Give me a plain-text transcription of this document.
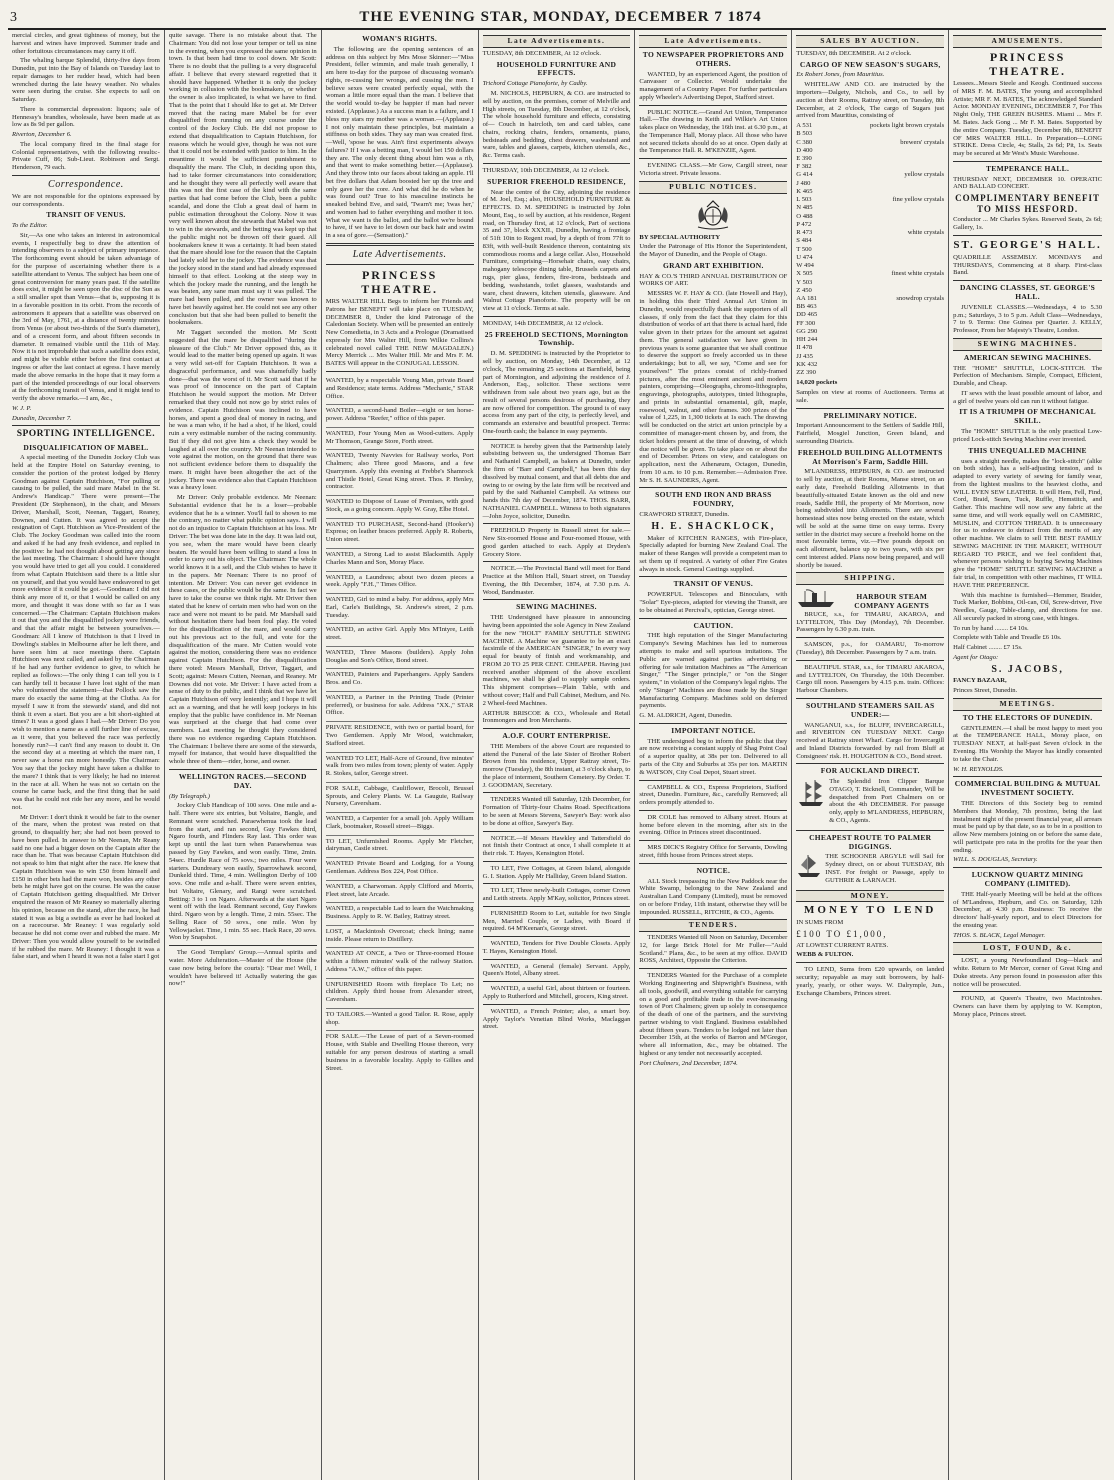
3	THE EVENING STAR, MONDAY, DECEMBER 7 1874

mercial circles, and great tightness of money, but the harvest and wines have improved. Summer trade and other fortuitous circumstances may carry it off.

The whaling barque Splendid, thirty-five days from Dunedin, put into the Bay of Islands on Tuesday last to repair damages to her rudder head, which had been wrenched during the late heavy weather. No whales were seen during the cruise. She expects to sail on Saturday.

There is commercial depression: liquors; sale of Hennessy's brandies, wholesale, have been made at as low as 8s 9d per gallon.

Riverton, December 6.

The local company fired in the final stage for Colonial representatives, with the following results:- Private Cuff, 86; Sub-Lieut. Robinson and Sergt. Henderson, 79 each.

Correspondence.

We are not responsible for the opinions expressed by our correspondents.

TRANSIT OF VENUS.

To the Editor.

Sir,—As one who takes an interest in astronomical events, I respectfully beg to draw the attention of intending observers to a subject of primary importance. The forthcoming event should be taken advantage of for the purpose of ascertaining whether there is a satellite attendant to Venus. The subject has been one of great controversion for many years past. If the satellite does exist, it might be seen upon the disc of the Sun as a still smaller spot than Venus—that is, supposing it is in a favorable position in its orbit. From the records of astronomers it appears that a satellite was observed on the 3rd of May, 1761, at a distance of twenty minutes from Venus (or about two-thirds of the Sun's diameter), and of a crescent form, and about fifteen seconds in diameter. It remained visible until the 11th of May. Now it is not improbable that such a satellite does exist, and might be visible either before the first contact at ingress or after the last contact at egress. I have merely made the above remarks in the hope that it may form a part of the intended proceedings of our local observers at the forthcoming transit of Venus, and it might tend to verify the above remarks.—I am, &c.,

W. J. P.

Dunedin, December 7.

SPORTING INTELLIGENCE.
DISQUALIFICATION OF MABEL.

A special meeting of the Dunedin Jockey Club was held at the Empire Hotel on Saturday evening, to consider the portion of the protest lodged by Henry Goodman against Captain Hutchison, "For pulling or causing to be pulled, the said mare Mabel in the St. Andrew's Handicap." There were present—The President (Dr Stephenson), in the chair, and Messrs Driver, Marshall, Scott, Neenan, Taggart, Reaney, Downes, and Cutten. It was agreed to accept the resignation of Capt. Hutchison as Vice-President of the Club. The Jockey Goodman was called into the room and asked if he had any fresh evidence, and replied in the positive: he had not thought about getting any since the last meeting. The Chairman: I should have thought you would have tried to get all you could. I considered from what Captain Hutchison said there is a little slur on yourself, and that you would have endeavored to get more evidence if it could be got.—Goodman: I did not think any more of it, or that I would be called on any more, and thought it was done with so far as I was concerned.—The Chairman: Captain Hutchison makes it out that you and the disqualified jockey were friends, and that the affair might be between yourselves.—Goodman: All I know of Hutchison is that I lived in Dowling's stables in Melbourne after he left there, and have seen him at race meetings there. Captain Hutchison was next called, and asked by the Chairman if he had any further evidence to give, to which he replied as follows:—The only thing I can tell you is I can hardly tell it because I have lost sight of the man who volunteered the statement—that Pollock saw the mare do exactly the same thing at the Clutha. As for myself I saw it from the stewards' stand, and did not think it even a start. But you are a bit short-sighted at times? It was a good glass I had.—Mr Driver: Do you wish to mention a name as a still further line of excuse, as it were, that you believed the race was perfectly honestly run?—I can't find any reason to doubt it. On the second day at a meeting at which the mare ran, I never saw a horse run more honestly. The Chairman: You say that the jockey might have taken a dislike to the mare? I think that is very likely; he had no interest in the race at all. When he was not so certain on the course he came back, and the first thing that he said was that he could not ride her any more, and he would not.

Mr Driver: I don't think it would be fair to the owner of the mare, when the protest was rested on that ground, to disqualify her; she had not been proved to have been pulled. In answer to Mr Neenan, Mr Reany said no one had a bigger down on the Captain after the race than he. That was because Captain Hutchison did not speak to him that night after the race. He knew that Captain Hutchison was to win £50 from himself and £150 in other bets had the mare won, besides any other bets he might have got on the course. He was the cause of Captain Hutchison getting disqualified. Mr Driver enquired the reason of Mr Reaney so materially altering his opinion, because on the stand, after the race, he had stated it was as big a swindle as ever he had looked at on a racecourse. Mr Reaney: I was regularly sold because he did not come over and rubbed the mare. Mr Driver: Then you would allow yourself to be swindled if he rubbed the mare. Mr Reaney: I thought it was a false start, and when I heard it was not a false start I got

quite savage. There is no mistake about that. The Chairman: You did not lose your temper or tell us nine in the evening, when you expressed the same opinion in town. Is that been had time to cool down. Mr Scott: There is no doubt that the pulling is a very disgraceful affair. I believe that every steward regretted that it should have happened. Whether it is only the jockey working in collusion with the bookmakers, or whether the owner is also implicated, is what we have to find. That is the point that I should like to get at. Mr Driver moved that the racing mare Mabel be for ever disqualified from running on any course under the control of the Jockey Club. He did not propose to extend that disqualification to Captain Hutchison, for reasons which he would give, though he was not sure that it could not be extended with justice to him. In the meantime it would be sufficient punishment to disqualify the mare. The Club, in deciding upon this, had to take former circumstances into consideration; and he thought they were all perfectly well aware that this was not the first case of the kind with the same parties that had come before the Club, been a public scandal, and done the Club a great deal of harm in public estimation throughout the Colony. Now it was very well known about the stewards that Mabel was not to win in the stewards, and the betting was kept up that the public might not be thrown off their guard. All bookmakers knew it was a certainty. It had been stated that the mare should lose for the reason that the Captain had lately sold her to the jockey. The evidence was that the jockey stood in the stand and had already expressed himself to that effect. Looking at the steep way in which the jockey made the running, and the length he was beaten, any sane man must say it was pulled. The mare had been pulled, and the owner was known to have bet heavily against her. He could not see any other conclusion but that she had been pulled to benefit the bookmakers.

Mr Taggart seconded the motion. Mr Scott suggested that the mare be disqualified "during the pleasure of the Club." Mr Driver opposed this, as it would lead to the matter being opened up again. It was a very wild set-off for Captain Hutchison. It was a disgraceful performance, and was shamefully badly done—that was the worst of it. Mr Scott said that if he was proof of innocence on the part of Captain Hutchison he would support the motion. Mr Driver remarked that they could not now go by strict rules of evidence. Captain Hutchison was inclined to have horses, and spent a good deal of money in racing, and he was a man who, if he had a shot, if he liked, could ruin a very estimable number of the racing community. But if they did not give him a check they would be laughed at all over the country. Mr Neenan intended to vote against the motion, on the ground that there was not sufficient evidence before them to disqualify the mare. It might have been altogether the act of the jockey. There was evidence also that Captain Hutchison was a heavy loser.

Mr Driver: Only probable evidence. Mr Neenan: Substantial evidence that he is a loser—probable evidence that he is a winner. You'll fail to shown to me the contrary, no matter what public opinion says. I will not do an injustice to Captain Hutchison at his loss. Mr Driver: The bet was done late in the day. It was laid out, you see, when the mare would have been clearly beaten. He would have been willing to stand a loss in order to carry out his object. The Chairman: The whole world knows it is a sell, and the Club wishes to have it in the papers. Mr Neenan: There is no proof of intention. Mr Driver: You can never get evidence in these cases, or the public would be the same. In fact we have to take the course we think right. Mr Driver then stated that he knew of certain men who had won on the race and were not meant to be paid. Mr Marshall said without hesitation there had been foul play. He voted for the disqualification of the mare, and would carry out his previous act to the full, and vote for the disqualification of the mare. Mr Cutten would vote against the motion, considering there was no evidence against Captain Hutchison. For the disqualification there voted: Messrs Marshall, Driver, Taggart, and Scott; against: Messrs Cutten, Neenan, and Reaney. Mr Downes did not vote. Mr Driver: I have acted from a sense of duty to the public, and I think that we have let Captain Hutchison off very leniently; and I hope it will act as a warning, and that he will keep jockeys in his employ that the public have confidence in. Mr Neenan was surprised at the charge that had come over members. Last meeting he thought they considered there was no evidence regarding Captain Hutchison. The Chairman: I believe there are some of the stewards, myself for instance, that would have disqualified the whole three of them—rider, horse, and owner.

WELLINGTON RACES.—SECOND DAY.

(By Telegraph.)

Jockey Club Handicap of 100 sovs. One mile and a-half. There were six entries, but Voltaire, Bangle, and Remnant were scratched. Paraewhenua took the lead from the start, and ran second, Guy Fawkes third, Ngaro fourth, and Flinders Ray last. This order was kept up until the last turn when Paraewhenua was passed by Guy Fawkes, and won easily. Time, 2min. 54sec. Hurdle Race of 75 sovs.; two miles. Four were starters. Dundreary won easily, Sparrowhawk second, Dunkeld third. Time, 4 min. Wellington Derby of 100 sovs. One mile and a-half. There were seven entries, but Voltaire, Glenary, and Rangi were scratched. Betting: 3 to 1 on Ngaro. Afterwards at the start Ngaro went off with the lead. Remnant second, Guy Fawkes third. Ngaro won by a length. Time, 2 min. 55sec. The Selling Race of 50 sovs., one mile. Won by Yellowjacket. Time, 1 min. 55 sec. Hack Race, 20 sovs. Won by Snapshot.

The Good Templars' Group.—Annual spirits and water. More Adulteration.—Master of the House (the case now being before the courts): "Dear me! Well, I wouldn't have believed it! Actually watering the gas now!"

WOMAN'S RIGHTS.

The following are the opening sentences of an address on this subject by Mrs Mose Skinner:—"Miss President, feller wimmin, and male trash generally, I am here to-day for the purpose of discussing woman's rights, re-cussing her wrongs, and cussing the men. I believe sexes were created perfectly equal, with the woman a little more equal than the man. I believe that the world would to-day be happier if man had never existed. (Applause.) As a success man is a failure, and I bless my stars my mother was a woman.—(Applause.) I not only maintain these principles, but maintain a stiffness on both sides. They say man was created first.—Well, 'spose he was. Ain't first experiments always failures? If I was a betting man, I would bet 150 dollars they are. The only decent thing about him was a rib, and that went to make something better.—(Applause). And they throw into our faces about taking an apple. I'll bet five dollars that Adam boosted her up the tree and only gave her the core. And what did he do when he was found out? True to his masculine instincts he sneaked behind Eve, and said, 'Twarn't me; 'twas her,' and women had to father everything and mother it too. What we want is the ballot, and the ballot we're bound to have, if we have to let down our back hair and swim in a sea of gore.—(Sensation)."

Late Advertisements.
PRINCESS THEATRE.

MRS WALTER HILL Begs to inform her Friends and Patrons her BENEFIT will take place on TUESDAY, DECEMBER 8, Under the kind Patronage of the Caledonian Society. When will be presented an entirely New Comedietta, in 3 Acts and a Prologue (Dramatised expressly for Mrs Walter Hill, from Wilkie Collins's celebrated novel called THE NEW MAGDALEN.) Mercy Merrick ... Mrs Walter Hill. Mr and Mrs F. M. BATES Will appear in the CONJUGAL LESSON.

WANTED, by a respectable Young Man, private Board and Residence; state terms. Address "Mechanic," STAR Office.

WANTED, a second-hand Boiler—eight or ten horse-power. Address "Reefer," office of this paper.

WANTED, Four Young Men as Wood-cutters. Apply Mr Thomson, Grange Store, Forth street.

WANTED, Twenty Navvies for Railway works, Port Chalmers; also Three good Masons, and a few Quarrymen. Apply this evening at Frebbe's Shamrock and Thistle Hotel, Great King street. Thos. P. Henley, contractor.

WANTED to Dispose of Lease of Premises, with good Stock, as a going concern. Apply W. Gray, Elbe Hotel.

WANTED TO PURCHASE, Second-hand (Hooker's) Express; on leather braces preferred. Apply R. Roberts, Union street.

WANTED, a Strong Lad to assist Blacksmith. Apply Charles Mann and Son, Moray Place.

WANTED, a Laundress; about two dozen pieces a week. Apply "F.H.," Times Office.

WANTED, Girl to mind a baby. For address, apply Mrs Earl, Carle's Buildings, St. Andrew's street, 2 p.m. Tuesday.

WANTED, an active Girl. Apply Mrs M'Intyre, Leith street.

WANTED, Three Masons (builders). Apply John Douglas and Son's Office, Bond street.

WANTED, Painters and Paperhangers. Apply Sanders Bros. and Co.

WANTED, a Partner in the Printing Trade (Printer preferred), or business for sale. Address "XX.," STAR Office.

PRIVATE RESIDENCE, with two or partial board, for Two Gentlemen. Apply Mr Wood, watchmaker, Stafford street.

WANTED TO LET, Half-Acre of Ground, five minutes' walk from two miles from town; plenty of water. Apply R. Stokes, tailor, George street.

FOR SALE, Cabbage, Cauliflower, Brocoli, Brussel Sprouts, and Celery Plants. W. La Gauguie, Railway Nursery, Caversham.

WANTED, a Carpenter for a small job. Apply William Clark, bootmaker, Rossell street—Biggs.

TO LET, Unfurnished Rooms. Apply Mr Fletcher, dairyman, Castle street.

WANTED Private Board and Lodging, for a Young Gentleman. Address Box 224, Post Office.

WANTED, a Charwoman. Apply Clifford and Morris, Fleet street, late Arcade.

WANTED, a respectable Lad to learn the Watchmaking Business. Apply to R. W. Bailey, Rattray street.

LOST, a Mackintosh Overcoat; check lining; name inside. Please return to Distillery.

WANTED AT ONCE, a Two or Three-roomed House within a fifteen minutes' walk of the railway Station. Address "A.W.," office of this paper.

UNFURNISHED Room with fireplace To Let; no children. Apply third house from Alexander street, Caversham.

TO TAILORS.—Wanted a good Tailor. R. Rose, apply shop.

FOR SALE.—The Lease of part of a Seven-roomed House, with Stable and Dwelling House thereon, very suitable for any person desirous of starting a small business in a favorable locality. Apply to Gillies and Street.

Late Advertisements.

TUESDAY, 8th DECEMBER, At 12 o'clock.

HOUSEHOLD FURNITURE AND EFFECTS.

Trichord Cottage Pianoforte, by Cadby.

M. NICHOLS, HEPBURN, & CO. are instructed to sell by auction, on the premises, corner of Melville and High streets, on Tuesday, 8th December, at 12 o'clock, The whole household furniture and effects, consisting of— Couch in haircloth, ten and card tables, cane chairs, rocking chairs, fenders, ornaments, piano, bedsteads and bedding, chest drawers, washstand and ware, tables and glasses, carpets, kitchen utensils, &c., &c. Terms cash.

THURSDAY, 10th DECEMBER, At 12 o'clock.

SUPERIOR FREEHOLD RESIDENCE,

Near the centre of the City, adjoining the residence of M. Joel, Esq.; also, HOUSEHOLD FURNITURE & EFFECTS. D. M. SPEDDING is instructed by John Mount, Esq., to sell by auction, at his residence, Regent road, on Thursday first, at 12 o'clock, Part of sections 35 and 37, block XXXII., Dunedin, having a frontage of 51ft 10in to Regent road, by a depth of from 77ft to 83ft, with well-built Residence thereon, containing six commodious rooms and a large cellar. Also, Household Furniture, comprising—Horsehair chairs, easy chairs, mahogany telescope dining table, Brussels carpets and rugs, pier glass, fenders, fire-irons, bedsteads and bedding, washstands, toilet glasses, washstands and ware, chest drawers, kitchen utensils, glassware. And Walnut Cottage Pianoforte. The property will be on view at 11 o'clock. Terms at sale.

MONDAY, 14th DECEMBER, At 12 o'clock.

25 FREEHOLD SECTIONS, Mornington Township.

D. M. SPEDDING is instructed by the Proprietor to sell by auction, on Monday, 14th December, at 12 o'clock, The remaining 25 sections at Barnfield, being part of Mornington, and adjoining the residence of J. Anderson, Esq., solicitor. These sections were withdrawn from sale about two years ago, but as the result of several persons desirous of purchasing, they are now offered for competition. The ground is of easy access from any part of the city, is perfectly level, and commands an extensive and beautiful prospect. Terms: One-fourth cash; the balance in easy payments.

NOTICE is hereby given that the Partnership lately subsisting between us, the undersigned Thomas Barr and Nathaniel Campbell, as bakers at Dunedin, under the firm of "Barr and Campbell," has been this day dissolved by mutual consent, and that all debts due and owing to or owing by the late firm will be received and paid by the said Nathaniel Campbell. As witness our hands this 7th day of December, 1874. THOS. BARR, NATHANIEL CAMPBELL. Witness to both signatures—John Joyce, solicitor, Dunedin.

FREEHOLD Property in Russell street for sale.—New Six-roomed House and Four-roomed House, with good garden attached to each. Apply at Dryden's Grocery Store.

NOTICE.—The Provincial Band will meet for Band Practice at the Milton Hall, Stuart street, on Tuesday Evening, the 8th December, 1874, at 7.30 p.m. A. Wood, Bandmaster.

SEWING MACHINES.

THE Undersigned have pleasure in announcing having been appointed the sole Agency in New Zealand for the new "HOLT" FAMILY SHUTTLE SEWING MACHINE. A Machine we guarantee to be an exact facsimile of the AMERICAN "SINGER," In every way equal for beauty of finish and workmanship, and FROM 20 TO 25 PER CENT. CHEAPER. Having just received another shipment of the above excellent machines, we shall be glad to supply sample orders. This shipment comprises—Plain Table, with and without cover; Half and Full Cabinet, Medium, and No. 2 Wheel-feed Machines.

ARTHUR BRISCOE & CO., Wholesale and Retail Ironmongers and Iron Merchants.

A.O.F. COURT ENTERPRISE.

THE Members of the above Court are requested to attend the Funeral of the late Sister of Brother Robert Brown from his residence, Upper Rattray street, To-morrow (Tuesday), the 8th instant, at 3 o'clock sharp, to the place of interment, Southern Cemetery. By Order. T. J. GOODMAN, Secretary.

TENDERS Wanted till Saturday, 12th December, for Formation of Thirty-four Chains Road. Specifications to be seen at Messrs Stevens, Sawyer's Bay: work also to be done at office, Sawyer's Bay.

NOTICE.—If Messrs Hawkley and Tattersfield do not finish their Contract at once, I shall complete it at their risk. T. Hayes, Kensington Hotel.

TO LET, Five Cottages, at Green Island, alongside G. I. Station. Apply Mr Halliday, Green Island Station.

TO LET, Three newly-built Cottages, corner Crown and Leith streets. Apply M'Kay, solicitor, Princes street.

FURNISHED Room to Let, suitable for two Single Men, Married Couple, or Ladies, with Board if required. 64 M'Keenan's, George street.

WANTED, Tenders for Five Double Closets. Apply T. Hayes, Kensington Hotel.

WANTED, a General (female) Servant. Apply, Queen's Hotel, Albany street.

WANTED, a useful Girl, about thirteen or fourteen. Apply to Rutherford and Mitchell, grocers, King street.

WANTED, a French Pointer; also, a smart boy. Apply Taylor's Venetian Blind Works, Maclaggan street.

Late Advertisements.
TO NEWSPAPER PROPRIETORS AND OTHERS.

WANTED, by an experienced Agent, the position of Canvasser or Collector. Would undertake the management of a Country Paper. For further particulars apply Wheeler's Advertising Depot, Stafford street.

PUBLIC NOTICE.—Grand Art Union, Temperance Hall.—The drawing in Keith and Wilkie's Art Union takes place on Wednesday, the 16th inst. at 6.30 p.m., at the Temperance Hall, Moray place. All those who have not secured tickets should do so at once. Open daily at the Temperance Hall. R. M'KENZIE, Agent.

EVENING CLASS.—Mr Gow, Cargill street, near Victoria street. Private lessons.

PUBLIC NOTICES.

BY SPECIAL AUTHORITY

Under the Patronage of His Honor the Superintendent, the Mayor of Dunedin, and the People of Otago.

GRAND ART EXHIBITION.

HAY & CO.'S THIRD ANNUAL DISTRIBUTION OF WORKS OF ART.

MESSRS W. F. HAY & CO. (late Howell and Hay), in holding this their Third Annual Art Union in Dunedin, would respectfully thank the supporters of all classes, if only from the fact that they claim for this distribution of works of art that there is actual hard, fide value given in their prizes for the amount set against them. The general satisfaction we have given in previous years is some guarantee that we shall continue to deserve the support so freely accorded us in these undertakings; but to all, we say, "Come and see for yourselves!" The prizes consist of richly-framed pictures, after the most eminent ancient and modern painters, comprising—Oleographs, chromo-lithographs, engravings, photographs, autotypes, tinted lithographs, and prints in substantial ornamental, gilt, maple, rosewood, walnut, and other frames. 300 prizes of the value of 1,225, in 1,300 tickets at 1s each. The drawing will be conducted on the strict art union principle by a committee of manager-ment chosen by, and from, the ticket holders present at the time of drawing, of which due notice will be given. To take place on or about the end of December. Prizes on view, and catalogues on application, next the Athenæum, Octagon, Dunedin, from 10 a.m. to 10 p.m. Remember.—Admission Free. Mr S. H. SAUNDERS, Agent.

SOUTH END IRON AND BRASS FOUNDRY,

CRAWFORD STREET, Dunedin.

H. E. SHACKLOCK,

Maker of KITCHEN RANGES, with Fire-place, Specially adapted for burning New Zealand Coal. The maker of these Ranges will provide a competent man to set them up if required. A variety of other Fire Grates always in stock. General Castings supplied.

TRANSIT OF VENUS.

POWERFUL Telescopes and Binoculars, with "Solar" Eye-pieces, adapted for viewing the Transit, are to be obtained at Percival's, optician, George street.

CAUTION.

THE high reputation of the Singer Manufacturing Company's Sewing Machines has led to numerous attempts to make and sell spurious imitations. The Public are warned against parties advertising or offering for sale imitation Machines as "The American Singer," "The Singer principle," or "on the Singer system," in violation of the Company's legal rights. The only "Singer" Machines are those made by the Singer Manufacturing Company. Machines sold on deferred payments.

G. M. ALDRICH, Agent, Dunedin.

IMPORTANT NOTICE.

THE undersigned beg to inform the public that they are now receiving a constant supply of Shag Point Coal of a superior quality, at 38s per ton. Delivered to all parts of the City and Suburbs at 35s per ton. MARTIN & WATSON, City Coal Depot, Stuart street.

CAMPBELL & CO., Express Proprietors, Stafford street, Dunedin. Furniture, &c., carefully Removed; all orders promptly attended to.

DR COLE has removed to Albany street. Hours at home before eleven in the morning, after six in the evening. Office in Princes street discontinued.

MRS DICK'S Registry Office for Servants, Dowling street, fifth house from Princes street steps.

NOTICE.

ALL Stock trespassing in the New Paddock near the White Swamp, belonging to the New Zealand and Australian Land Company (Limited), must be removed on or before Friday, 11th instant, otherwise they will be impounded. RUSSELL, RITCHIE, & CO., Agents.

TENDERS.

TENDERS Wanted till Noon on Saturday, December 12, for large Brick Hotel for Mr Fuller—"Auld Scotland." Plans, &c., to be seen at my office. DAVID ROSS, Architect, Opposite the Criterion.

TENDERS Wanted for the Purchase of a complete Working Engineering and Shipwright's Business, with all tools, goodwill, and everything suitable for carrying on a good and profitable trade in the ever-increasing town of Port Chalmers; given up solely in consequence of the death of one of the partners, and the surviving partner wishing to visit England. Business established about fifteen years. Tenders to be lodged not later than December 15th, at the works of Barron and M'Gregor, where all information, &c., may be obtained. The highest or any tender not necessarily accepted.

Port Chalmers, 2nd December, 1874.

SALES BY AUCTION.

TUESDAY, 8th DECEMBER. At 2 o'clock.

CARGO OF NEW SEASON'S SUGARS,

Ex Robert Jones, from Mauritius.

WHITELAW AND CO. are instructed by the importers—Dalgety, Nichols, and Co., to sell by auction at their Rooms, Rattray street, on Tuesday, 8th December, at 2 o'clock, The cargo of Sugars just arrived from Mauritius, consisting of

A 531	pockets light brown crystals
B 503
C 380	brewers' crystals
D 400
E 390
F 382
G 414	yellow crystals
J 480
K 465
L 503	fine yellow crystals
N 485
O 488
P 472
R 473	white crystals
S 484
T 500
U 474
W 494
X 505	finest white crystals
Y 503
Z 450
AA 181	snowdrop crystals
BB 463
DD 465
FF 300
GG 290
HH 244
II 478
JJ 435
KK 432
ZZ 390

14,020 pockets

Samples on view at rooms of Auctioneers. Terms at sale.

PRELIMINARY NOTICE.

Important Announcement to the Settlers of Saddle Hill, Fairfield, Mosgiel Junction, Green Island, and surrounding Districts.

FREEHOLD BUILDING ALLOTMENTS At Morrison's Farm, Saddle Hill.

M'LANDRESS, HEPBURN, & CO. are instructed to sell by auction, at their Rooms, Manse street, on an early date, Freehold Building Allotments in that beautifully-situated Estate known as the old and new roads, Saddle Hill, the property of Mr Morrison, now being subdivided into Allotments. There are several homestead sites now being erected on the estate, which will be sold at the same time on easy terms. Every settler in the district may secure a freehold home on the most favorable terms, viz.—Five pounds deposit on each allotment, balance up to two years, with six per cent interest added. Plans now being prepared, and will shortly be issued.

SHIPPING.
HARBOUR STEAM COMPANY AGENTS

BRUCE, s.s., for TIMARU, AKAROA, and LYTTELTON, This Day (Monday), 7th December. Passengers by 6.30 p.m. train.

SAMSON, p.s., for OAMARU, To-morrow (Tuesday), 8th December. Passengers by 7 a.m. train.

BEAUTIFUL STAR, s.s., for TIMARU AKAROA, and LYTTELTON, On Thursday, the 10th December. Cargo till noon. Passengers by 4.15 p.m. train. Offices: Harbour Chambers.

SOUTHLAND STEAMERS SAIL AS UNDER:—

WANGANUI, s.s., for BLUFF, INVERCARGILL, and RIVERTON ON TUESDAY NEXT. Cargo received at Rattray street Wharf. Cargo for Invercargill and Inland Districts forwarded by rail from Bluff at Consignees' risk. H. HOUGHTON & CO., Bond street.

FOR AUCKLAND DIRECT.

The Splendid Iron Clipper Barque OTAGO, T. Bicknell, Commander, Will be despatched from Port Chalmers on or about the 4th DECEMBER. For passage only, apply to M'LANDRESS, HEPBURN, & CO., Agents.

CHEAPEST ROUTE TO PALMER DIGGINGS.

THE SCHOONER ARGYLE will Sail for Sydney direct, on or about TUESDAY, 8th INST. For freight or Passage, apply to GUTHRIE & LARNACH.

MONEY.
MONEY TO LEND

IN SUMS FROM

£100 TO £1,000,

AT LOWEST CURRENT RATES.

WEBB & FULTON.

TO LEND, Sums from £20 upwards, on landed security; repayable as may suit borrowers, by half-yearly, yearly, or other ways. W. Dalrymple, Jun., Exchange Chambers, Princes street.

AMUSEMENTS.
PRINCESS THEATRE.

Lessees...Messrs Steele and Keogh. Continued success of MRS F. M. BATES, The young and accomplished Artiste; MR F. M. BATES, The acknowledged Standard Actor. MONDAY EVENING, DECEMBER 7, For This Night Only, THE GREEN BUSHES. Miami ... Mrs F. M. Bates. Jack Gong ... Mr F. M. Bates. Supported by the entire Company. Tuesday, December 8th, BENEFIT OF MRS WALTER HILL. In Preparation—LONG STRIKE. Dress Circle, 4s; Stalls, 2s 6d; Pit, 1s. Seats may be secured at Mr West's Music Warehouse.

TEMPERANCE HALL.

THURSDAY NEXT, DECEMBER 10. OPERATIC AND BALLAD CONCERT.

COMPLIMENTARY BENEFIT TO MISS HESFORD.

Conductor ... Mr Charles Sykes. Reserved Seats, 2s 6d; Gallery, 1s.

ST. GEORGE'S HALL.

QUADRILLE ASSEMBLY. MONDAYS and THURSDAYS, Commencing at 8 sharp. First-class Band.

DANCING CLASSES, ST. GEORGE'S HALL.

JUVENILE CLASSES.—Wednesdays, 4 to 5.30 p.m.; Saturdays, 3 to 5 p.m. Adult Class—Wednesdays, 7 to 9. Terms: One Guinea per Quarter. J. KELLY, Professor, From her Majesty's Theatre, London.

SEWING MACHINES.
AMERICAN SEWING MACHINES.

THE "HOME" SHUTTLE, LOCK-STITCH. The Perfection of Mechanism. Simple, Compact, Efficient, Durable, and Cheap.

IT sews with the least possible amount of labor, and a girl of twelve years old can run it without fatigue.

IT IS A TRIUMPH OF MECHANICAL SKILL.

The "HOME" SHUTTLE is the only practical Low-priced Lock-stitch Sewing Machine ever invented.

THIS UNEQUALLED MACHINE

uses a straight needle, makes the "lock-stitch" (alike on both sides), has a self-adjusting tension, and is adapted to every variety of sewing for family wear, from the lightest muslins to the heaviest cloths, and WILL EVEN SEW LEATHER. It will Hem, Fell, Find, Cord, Braid, Seam, Tuck, Ruffle, Hemstitch, and Gather. This machine will now sew any fabric at the same time, and will work equally well on CAMBRIC, MUSLIN, and COTTON THREAD. It is unnecessary for us to endeavor to detract from the merits of any other machine. We claim to sell THE BEST FAMILY SEWING MACHINE IN THE MARKET, WITHOUT REGARD TO PRICE, and we feel confident that, whenever persons wishing to buying Sewing Machines give the "HOME" SHUTTLE SEWING MACHINE a fair trial, in competition with other machines, IT WILL HAVE THE PREFERENCE.

With this machine is furnished—Hemmer, Braider, Tuck Marker, Bobbins, Oil-can, Oil, Screw-driver, Five Needles, Gauge, Table-clamp, and directions for use. All securely packed in strong case, with hinges.

To run by hand ........ £4 10s.

Complete with Table and Treadle £6 10s.

Half Cabinet ........ £7 15s.

Agent for Otago:

S. JACOBS,

FANCY BAZAAR,

Princes Street, Dunedin.

MEETINGS.
TO THE ELECTORS OF DUNEDIN.

GENTLEMEN.—I shall be most happy to meet you at the TEMPERANCE HALL, Moray place, on TUESDAY NEXT, at half-past Seven o'clock in the Evening. His Worship the Mayor has kindly consented to take the Chair.

W. H. REYNOLDS.

COMMERCIAL BUILDING & MUTUAL INVESTMENT SOCIETY.

THE Directors of this Society beg to remind Members that Monday, 7th proximo, being the last instalment night of the present financial year, all arrears must be paid up by that date, so as to be in a position to allow New members joining on or before the same date, will participate pro rata in the profits for the year then ending.

WILL. S. DOUGLAS, Secretary.

LUCKNOW QUARTZ MINING COMPANY (LIMITED).

THE Half-yearly Meeting will be held at the offices of M'Landress, Hepburn, and Co. on Saturday, 12th December, at 4.30 p.m. Business: To receive the directors' half-yearly report, and to elect Directors for the ensuing year.

THOS. S. BLACK, Legal Manager.

LOST, FOUND, &c.

LOST, a young Newfoundland Dog—black and white. Return to Mr Mercer, corner of Great King and Duke streets. Any person found in possession after this notice will be prosecuted.

FOUND, at Queen's Theatre, two Macintoshes. Owners can have them by applying to W. Kempton, Moray place, Princes street.
